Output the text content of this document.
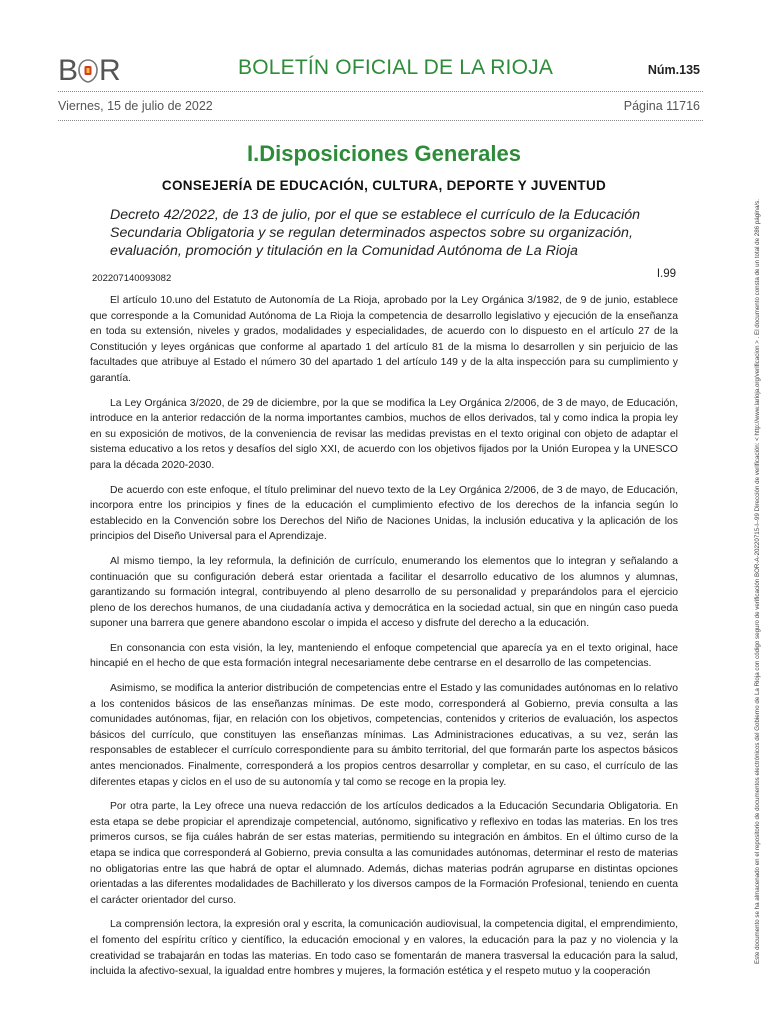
B R	BOLETÍN OFICIAL DE LA RIOJA	Núm.135
Viernes, 15 de julio de 2022	Página 11716
I.Disposiciones Generales
CONSEJERÍA DE EDUCACIÓN, CULTURA, DEPORTE Y JUVENTUD
Decreto 42/2022, de 13 de julio, por el que se establece el currículo de la Educación Secundaria Obligatoria y se regulan determinados aspectos sobre su organización, evaluación, promoción y titulación en la Comunidad Autónoma de La Rioja
202207140093082	I.99

El artículo 10.uno del Estatuto de Autonomía de La Rioja, aprobado por la Ley Orgánica 3/1982, de 9 de junio, establece que corresponde a la Comunidad Autónoma de La Rioja la competencia de desarrollo legislativo y ejecución de la enseñanza en toda su extensión, niveles y grados, modalidades y especialidades, de acuerdo con lo dispuesto en el artículo 27 de la Constitución y leyes orgánicas que conforme al apartado 1 del artículo 81 de la misma lo desarrollen y sin perjuicio de las facultades que atribuye al Estado el número 30 del apartado 1 del artículo 149 y de la alta inspección para su cumplimiento y garantía.

La Ley Orgánica 3/2020, de 29 de diciembre, por la que se modifica la Ley Orgánica 2/2006, de 3 de mayo, de Educación, introduce en la anterior redacción de la norma importantes cambios, muchos de ellos derivados, tal y como indica la propia ley en su exposición de motivos, de la conveniencia de revisar las medidas previstas en el texto original con objeto de adaptar el sistema educativo a los retos y desafíos del siglo XXI, de acuerdo con los objetivos fijados por la Unión Europea y la UNESCO para la década 2020-2030.

De acuerdo con este enfoque, el título preliminar del nuevo texto de la Ley Orgánica 2/2006, de 3 de mayo, de Educación, incorpora entre los principios y fines de la educación el cumplimiento efectivo de los derechos de la infancia según lo establecido en la Convención sobre los Derechos del Niño de Naciones Unidas, la inclusión educativa y la aplicación de los principios del Diseño Universal para el Aprendizaje.

Al mismo tiempo, la ley reformula, la definición de currículo, enumerando los elementos que lo integran y señalando a continuación que su configuración deberá estar orientada a facilitar el desarrollo educativo de los alumnos y alumnas, garantizando su formación integral, contribuyendo al pleno desarrollo de su personalidad y preparándolos para el ejercicio pleno de los derechos humanos, de una ciudadanía activa y democrática en la sociedad actual, sin que en ningún caso pueda suponer una barrera que genere abandono escolar o impida el acceso y disfrute del derecho a la educación.

En consonancia con esta visión, la ley, manteniendo el enfoque competencial que aparecía ya en el texto original, hace hincapié en el hecho de que esta formación integral necesariamente debe centrarse en el desarrollo de las competencias.

Asimismo, se modifica la anterior distribución de competencias entre el Estado y las comunidades autónomas en lo relativo a los contenidos básicos de las enseñanzas mínimas. De este modo, corresponderá al Gobierno, previa consulta a las comunidades autónomas, fijar, en relación con los objetivos, competencias, contenidos y criterios de evaluación, los aspectos básicos del currículo, que constituyen las enseñanzas mínimas. Las Administraciones educativas, a su vez, serán las responsables de establecer el currículo correspondiente para su ámbito territorial, del que formarán parte los aspectos básicos antes mencionados. Finalmente, corresponderá a los propios centros desarrollar y completar, en su caso, el currículo de las diferentes etapas y ciclos en el uso de su autonomía y tal como se recoge en la propia ley.

Por otra parte, la Ley ofrece una nueva redacción de los artículos dedicados a la Educación Secundaria Obligatoria. En esta etapa se debe propiciar el aprendizaje competencial, autónomo, significativo y reflexivo en todas las materias. En los tres primeros cursos, se fija cuáles habrán de ser estas materias, permitiendo su integración en ámbitos. En el último curso de la etapa se indica que corresponderá al Gobierno, previa consulta a las comunidades autónomas, determinar el resto de materias no obligatorias entre las que habrá de optar el alumnado. Además, dichas materias podrán agruparse en distintas opciones orientadas a las diferentes modalidades de Bachillerato y los diversos campos de la Formación Profesional, teniendo en cuenta el carácter orientador del curso.

La comprensión lectora, la expresión oral y escrita, la comunicación audiovisual, la competencia digital, el emprendimiento, el fomento del espíritu crítico y científico, la educación emocional y en valores, la educación para la paz y no violencia y la creatividad se trabajarán en todas las materias. En todo caso se fomentarán de manera trasversal la educación para la salud, incluida la afectivo-sexual, la igualdad entre hombres y mujeres, la formación estética y el respeto mutuo y la cooperación

Este documento se ha almacenado en el repositorio de documentos electrónicos del Gobierno de La Rioja con código seguro de verificación BOR-A-20220715-I--99 Dirección de verificación: < http://www.larioja.org/verificacion > . El documento consta de un total de 286 página/s.
